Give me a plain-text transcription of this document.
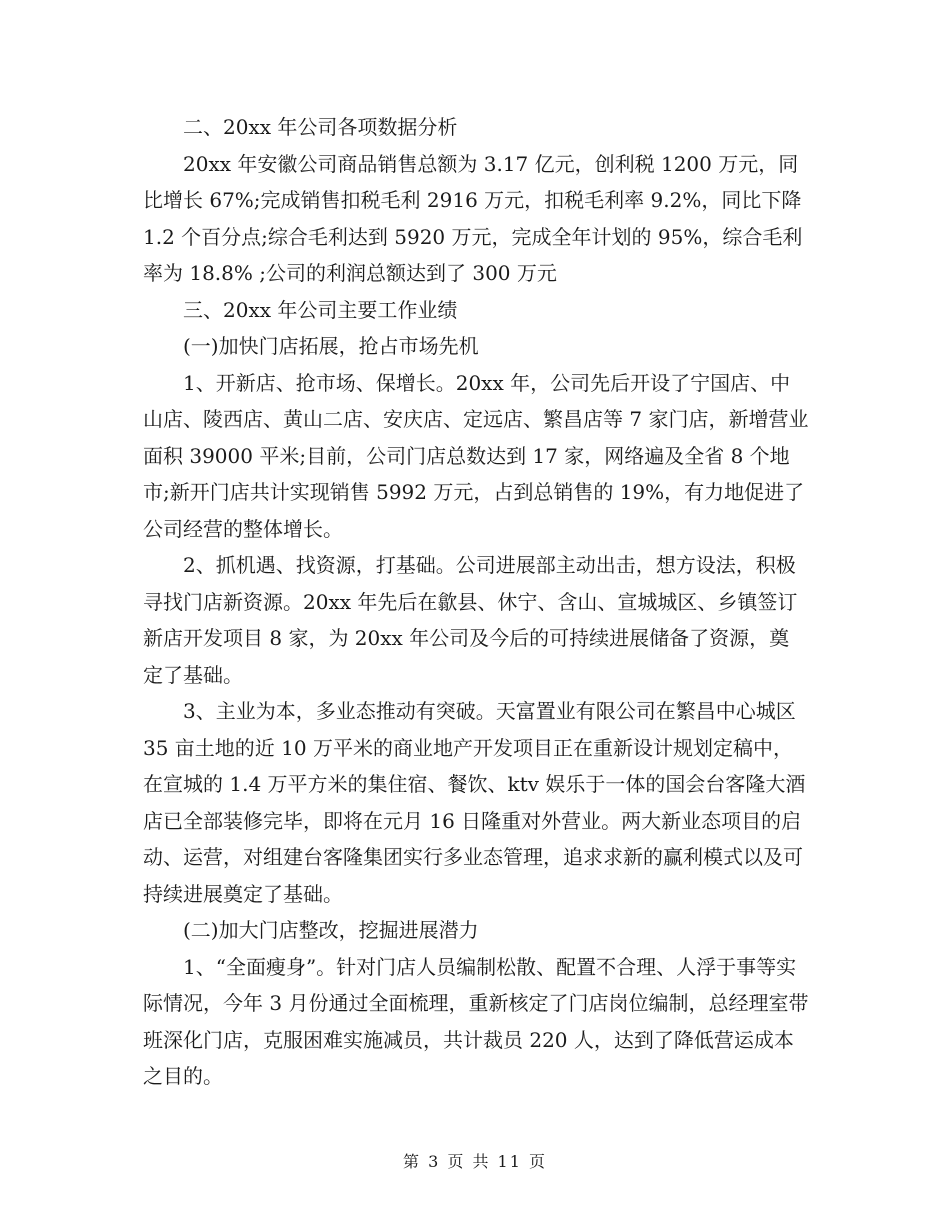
二、20xx 年公司各项数据分析

20xx 年安徽公司商品销售总额为 3.17 亿元，创利税 1200 万元，同比增长 67%;完成销售扣税毛利 2916 万元，扣税毛利率 9.2%，同比下降 1.2 个百分点;综合毛利达到 5920 万元，完成全年计划的 95%，综合毛利率为 18.8% ;公司的利润总额达到了 300 万元

三、20xx 年公司主要工作业绩

(一)加快门店拓展，抢占市场先机

1、开新店、抢市场、保增长。20xx 年，公司先后开设了宁国店、中山店、陵西店、黄山二店、安庆店、定远店、繁昌店等 7 家门店，新增营业面积 39000 平米;目前，公司门店总数达到 17 家，网络遍及全省 8 个地市;新开门店共计实现销售 5992 万元，占到总销售的 19%，有力地促进了公司经营的整体增长。

2、抓机遇、找资源，打基础。公司进展部主动出击，想方设法，积极寻找门店新资源。20xx 年先后在歙县、休宁、含山、宣城城区、乡镇签订新店开发项目 8 家，为 20xx 年公司及今后的可持续进展储备了资源，奠定了基础。

3、主业为本，多业态推动有突破。天富置业有限公司在繁昌中心城区 35 亩土地的近 10 万平米的商业地产开发项目正在重新设计规划定稿中，在宣城的 1.4 万平方米的集住宿、餐饮、ktv 娱乐于一体的国会台客隆大酒店已全部装修完毕，即将在元月 16 日隆重对外营业。两大新业态项目的启动、运营，对组建台客隆集团实行多业态管理，追求求新的赢利模式以及可持续进展奠定了基础。

(二)加大门店整改，挖掘进展潜力

1、“全面瘦身”。针对门店人员编制松散、配置不合理、人浮于事等实际情况，今年 3 月份通过全面梳理，重新核定了门店岗位编制，总经理室带班深化门店，克服困难实施减员，共计裁员 220 人，达到了降低营运成本之目的。

第 3 页 共 11 页
